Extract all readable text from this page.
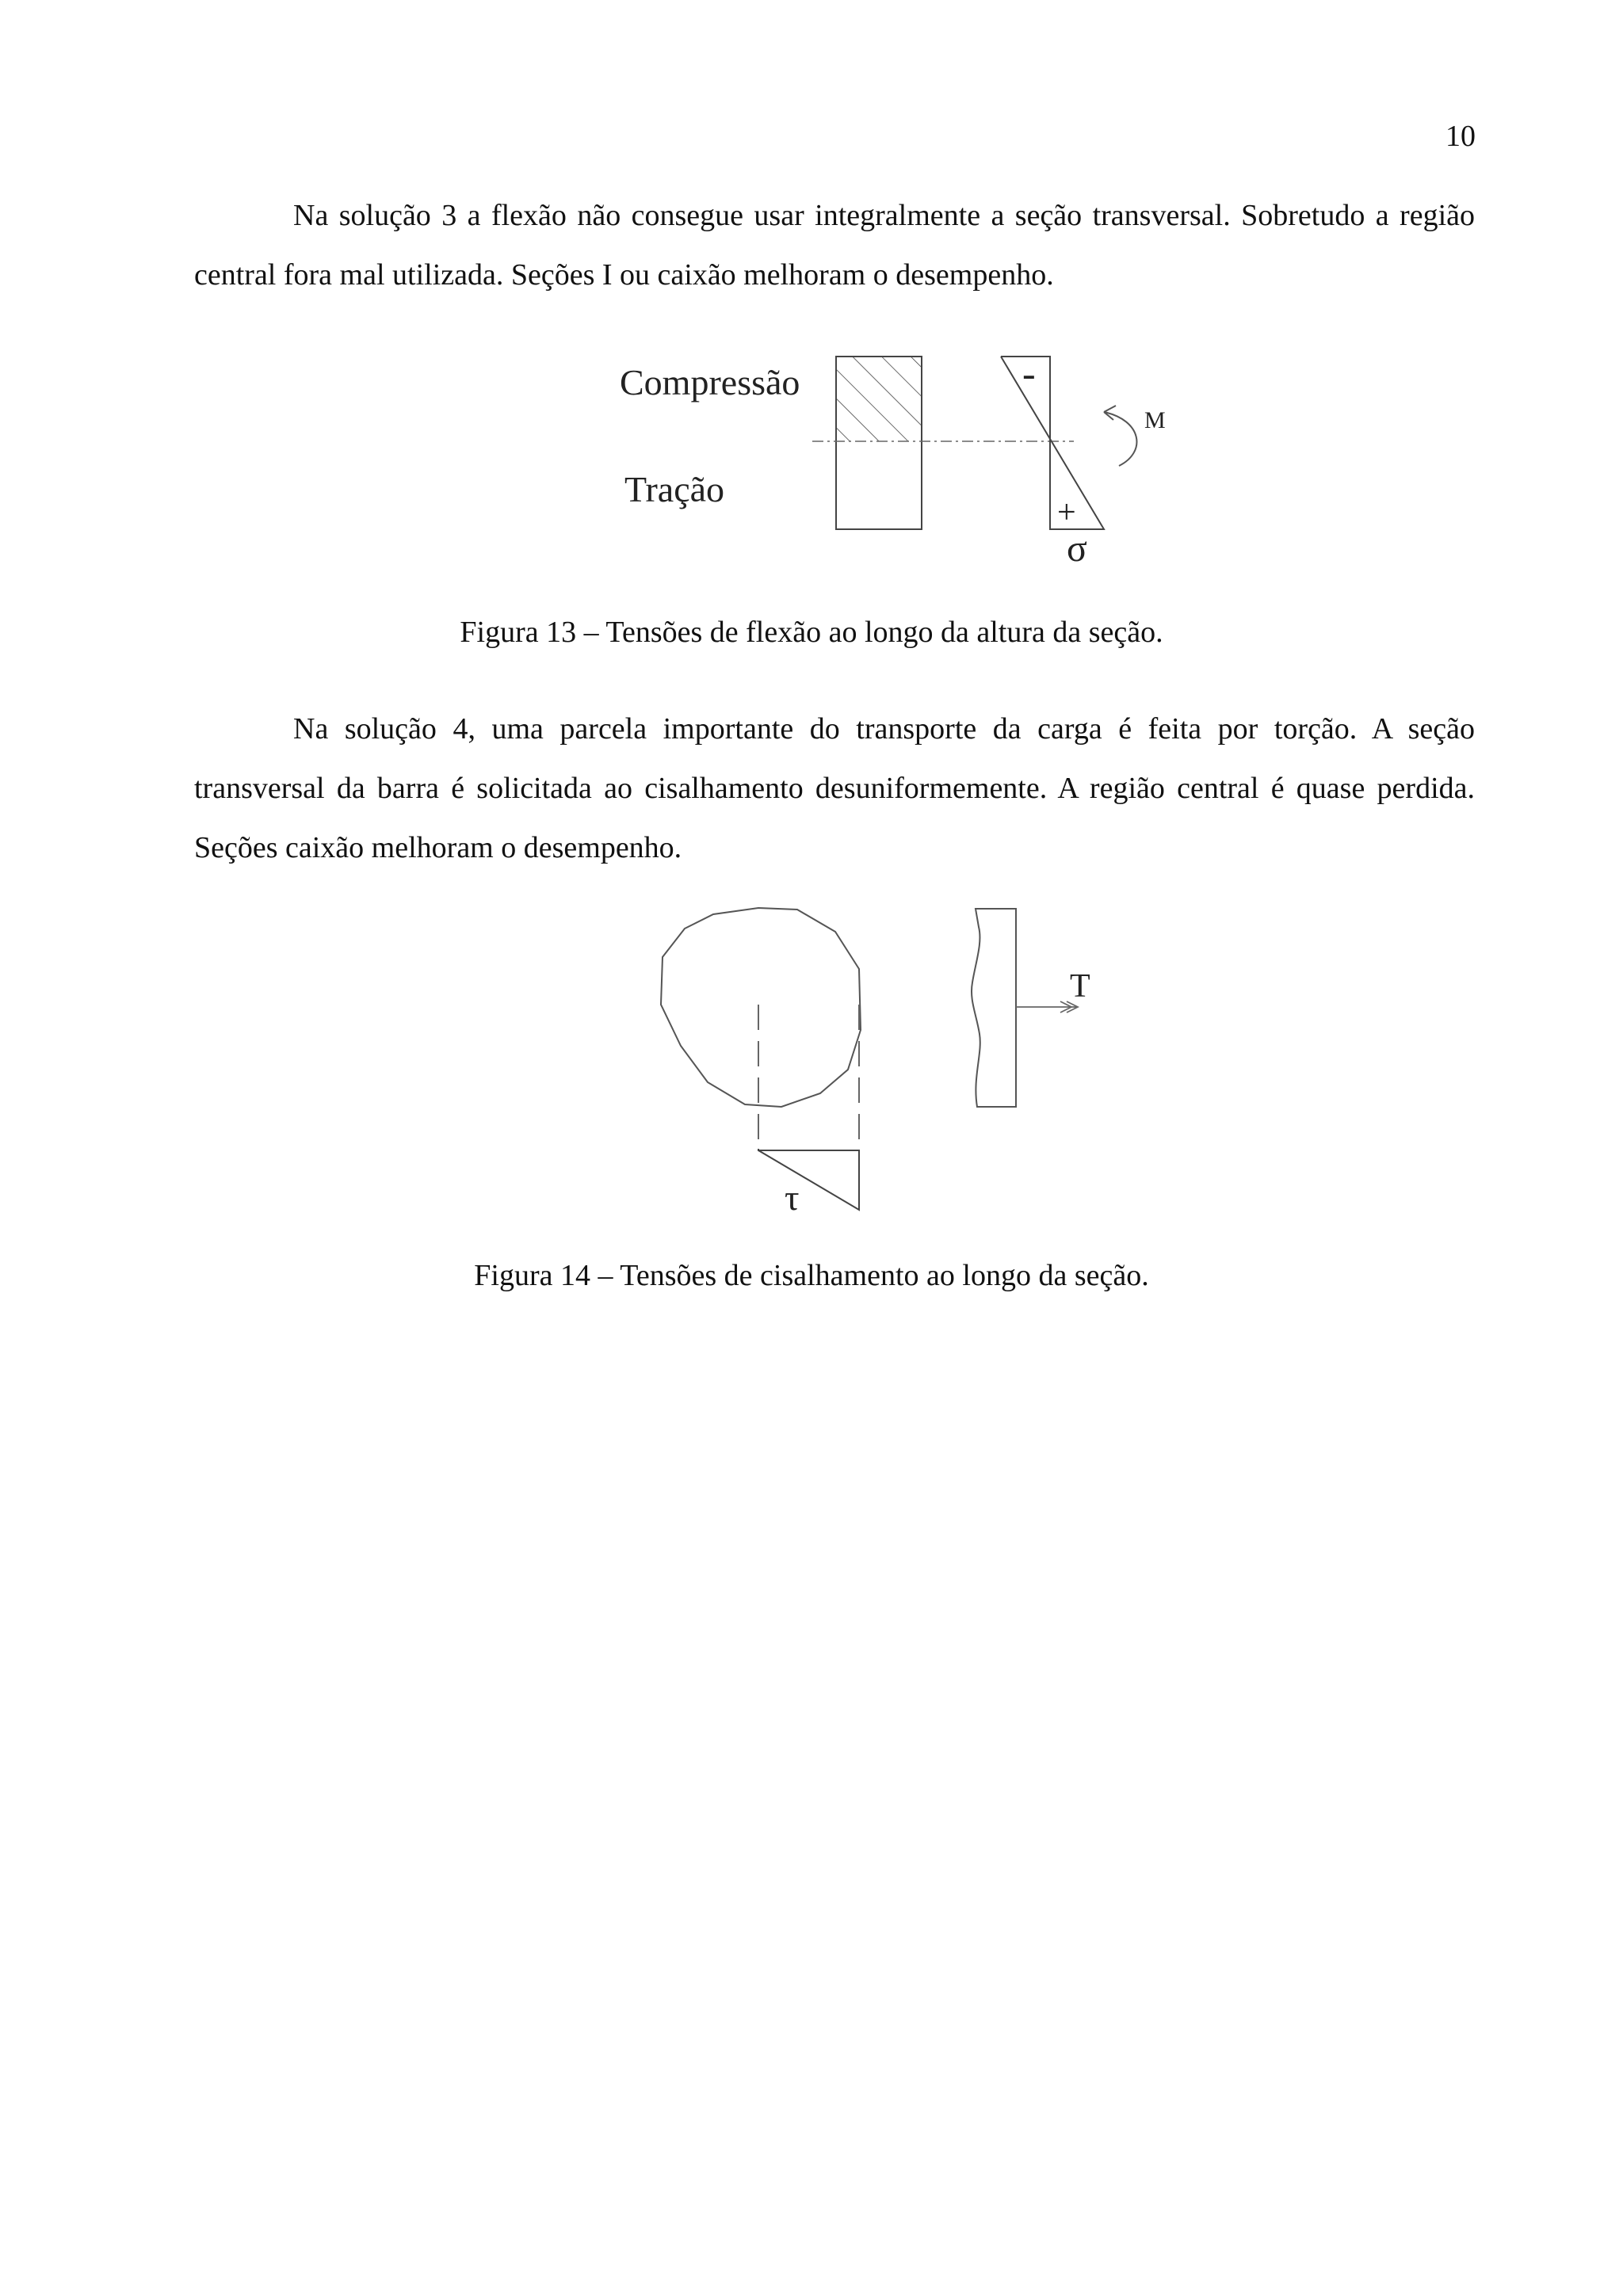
10

Na solução 3 a flexão não consegue usar integralmente a seção transversal. Sobretudo a região central fora mal utilizada. Seções I ou caixão melhoram o desempenho.

Compressão
Tração
-
+
M
σ
T
τ
Figura 13 – Tensões de flexão ao longo da altura da seção.

Na solução 4, uma parcela importante do transporte da carga é feita por torção. A seção transversal da barra é solicitada ao cisalhamento desuniformemente. A região central é quase perdida. Seções caixão melhoram o desempenho.

Figura 14 – Tensões de cisalhamento ao longo da seção.
